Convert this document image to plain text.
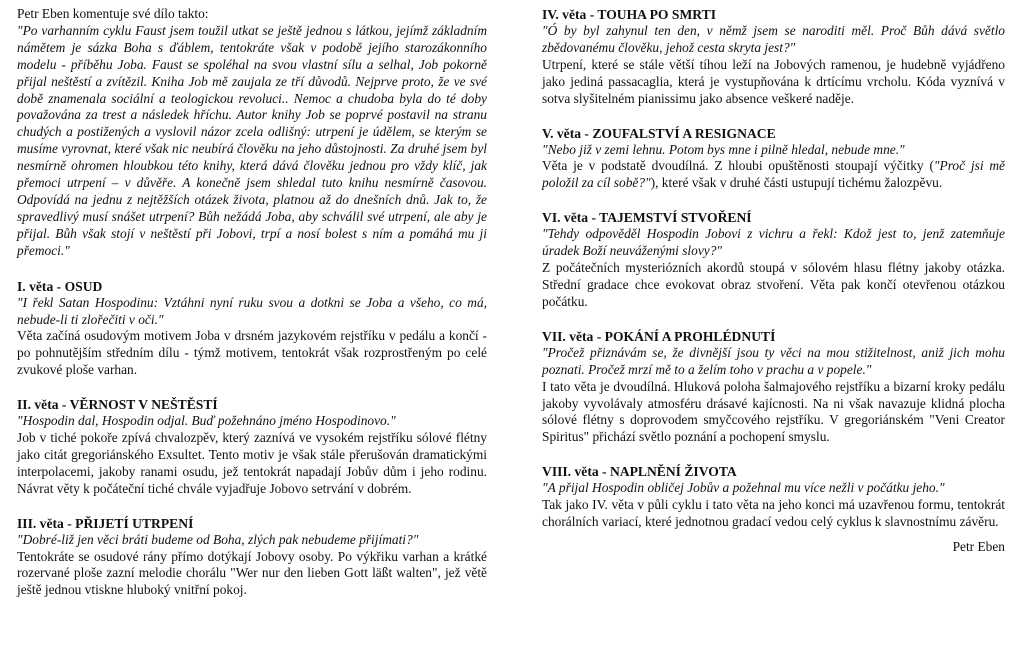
Petr Eben komentuje své dílo takto:

"Po varhanním cyklu Faust jsem toužil utkat se ještě jednou s látkou, jejímž základním námětem je sázka Boha s ďáblem, tentokráte však v podobě jejího starozákonního modelu - příběhu Joba. Faust se spoléhal na svou vlastní sílu a selhal, Job pokorně přijal neštěstí a zvítězil. Kniha Job mě zaujala ze tří důvodů. Nejprve proto, že ve své době znamenala sociální a teologickou revoluci.. Nemoc a chudoba byla do té doby považována za trest a následek hříchu. Autor knihy Job se poprvé postavil na stranu chudých a postižených a vyslovil názor zcela odlišný: utrpení je údělem, se kterým se musíme vyrovnat, které však nic neubírá člověku na jeho důstojnosti. Za druhé jsem byl nesmírně ohromen hloubkou této knihy, která dává člověku jednou pro vždy klíč, jak přemoci utrpení – v důvěře. A konečně jsem shledal tuto knihu nesmírně časovou. Odpovídá na jednu z nejtěžších otázek života, platnou až do dnešních dnů. Jak to, že spravedlivý musí snášet utrpení? Bůh nežádá Joba, aby schválil své utrpení, ale aby je přijal. Bůh však stojí v neštěstí při Jobovi, trpí a nosí bolest s ním a pomáhá mu ji přemoci."

I. věta - OSUD

"I řekl Satan Hospodinu: Vztáhni nyní ruku svou a dotkni se Joba a všeho, co má, nebude-li ti zlořečiti v oči."

Věta začíná osudovým motivem Joba v drsném jazykovém rejstříku v pedálu a končí - po pohnutějším středním dílu - týmž motivem, tentokrát však rozprostřeným po celé zvukové ploše varhan.

II. věta - VĚRNOST V NEŠTĚSTÍ

"Hospodin dal, Hospodin odjal. Buď požehnáno jméno Hospodinovo."

Job v tiché pokoře zpívá chvalozpěv, který zaznívá ve vysokém rejstříku sólové flétny jako citát gregoriánského Exsultet. Tento motiv je však stále přerušován dramatickými interpolacemi, jakoby ranami osudu, jež tentokrát napadají Jobův dům i jeho rodinu. Návrat věty k počáteční tiché chvále vyjadřuje Jobovo setrvání v dobrém.

III. věta - PŘIJETÍ UTRPENÍ

"Dobré-liž jen věci bráti budeme od Boha, zlých pak nebudeme přijímati?"

Tentokráte se osudové rány přímo dotýkají Jobovy osoby. Po výkřiku varhan a krátké rozervané ploše zazní melodie chorálu "Wer nur den lieben Gott läßt walten", jež větě ještě jednou vtiskne hluboký vnitřní pokoj.

IV. věta - TOUHA PO SMRTI

"Ó by byl zahynul ten den, v němž jsem se naroditi měl. Proč Bůh dává světlo zbědovanému člověku, jehož cesta skryta jest?"

Utrpení, které se stále větší tíhou leží na Jobových ramenou, je hudebně vyjádřeno jako jediná passacaglia, která je vystupňována k drtícímu vrcholu. Kóda vyznívá v sotva slyšitelném pianissimu jako absence veškeré naděje.

V. věta - ZOUFALSTVÍ A RESIGNACE

"Nebo již v zemi lehnu. Potom bys mne i pilně hledal, nebude mne."

Věta je v podstatě dvoudílná. Z hloubi opuštěnosti stoupají výčitky ("Proč jsi mě položil za cíl sobě?"), které však v druhé části ustupují tichému žalozpěvu.

VI. věta - TAJEMSTVÍ STVOŘENÍ

"Tehdy odpověděl Hospodin Jobovi z vichru a řekl: Kdož jest to, jenž zatemňuje úradek Boží neuváženými slovy?"

Z počátečních mysteriózních akordů stoupá v sólovém hlasu flétny jakoby otázka. Střední gradace chce evokovat obraz stvoření. Věta pak končí otevřenou otázkou počátku.

VII. věta - POKÁNÍ A PROHLÉDNUTÍ

"Pročež přiznávám se, že divnější jsou ty věci na mou stižitelnost, aniž jich mohu poznati. Pročež mrzí mě to a želím toho v prachu a v popele."

I tato věta je dvoudílná. Hluková poloha šalmajového rejstříku a bizarní kroky pedálu jakoby vyvolávaly atmosféru drásavé kajícnosti. Na ni však navazuje klidná plocha sólové flétny s doprovodem smyčcového rejstříku. V gregoriánském "Veni Creator Spiritus" přichází světlo poznání a pochopení smyslu.

VIII. věta - NAPLNĚNÍ ŽIVOTA

"A přijal Hospodin obličej Jobův a požehnal mu více nežli v počátku jeho."

Tak jako IV. věta v půli cyklu i tato věta na jeho konci má uzavřenou formu, tentokrát chorálních variací, které jednotnou gradací vedou celý cyklus k slavnostnímu závěru.

Petr Eben
